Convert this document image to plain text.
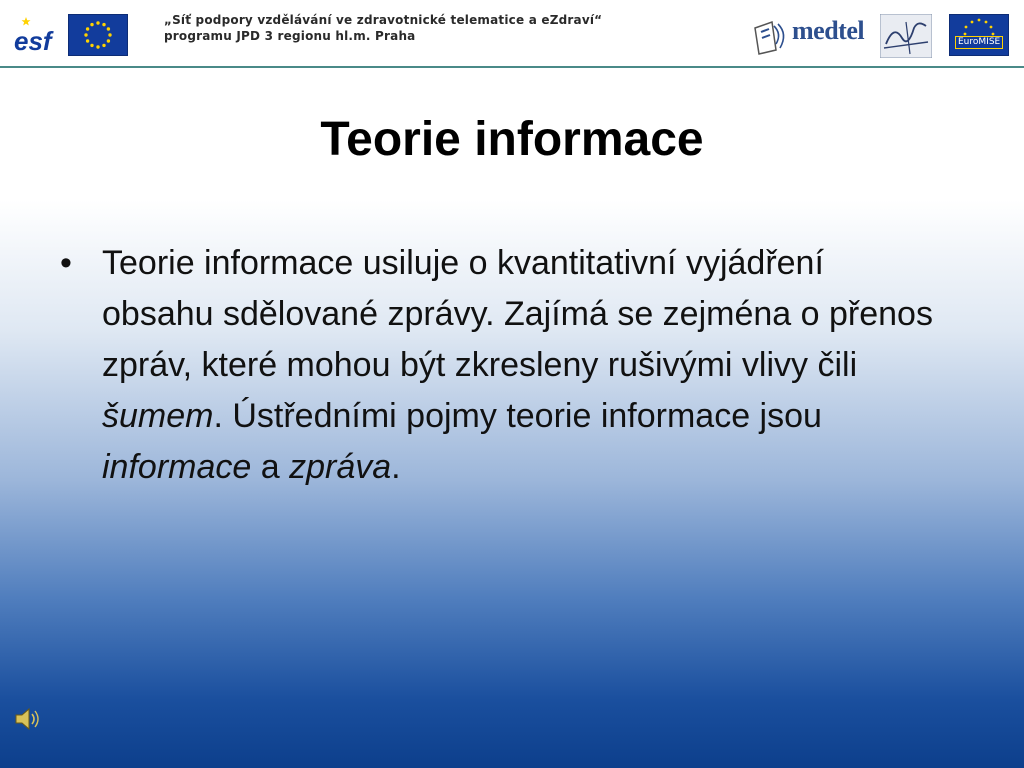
esf
„Síť podpory vzdělávání ve zdravotnické telematice a eZdraví“
programu JPD 3 regionu hl.m. Praha	medtel	EuroMISE
Teorie informace
• Teorie informace usiluje o kvantitativní vyjádření obsahu sdělované zprávy. Zajímá se zejména o přenos zpráv, které mohou být zkresleny rušivými vlivy čili šumem. Ústředními pojmy teorie informace jsou informace a zpráva.
